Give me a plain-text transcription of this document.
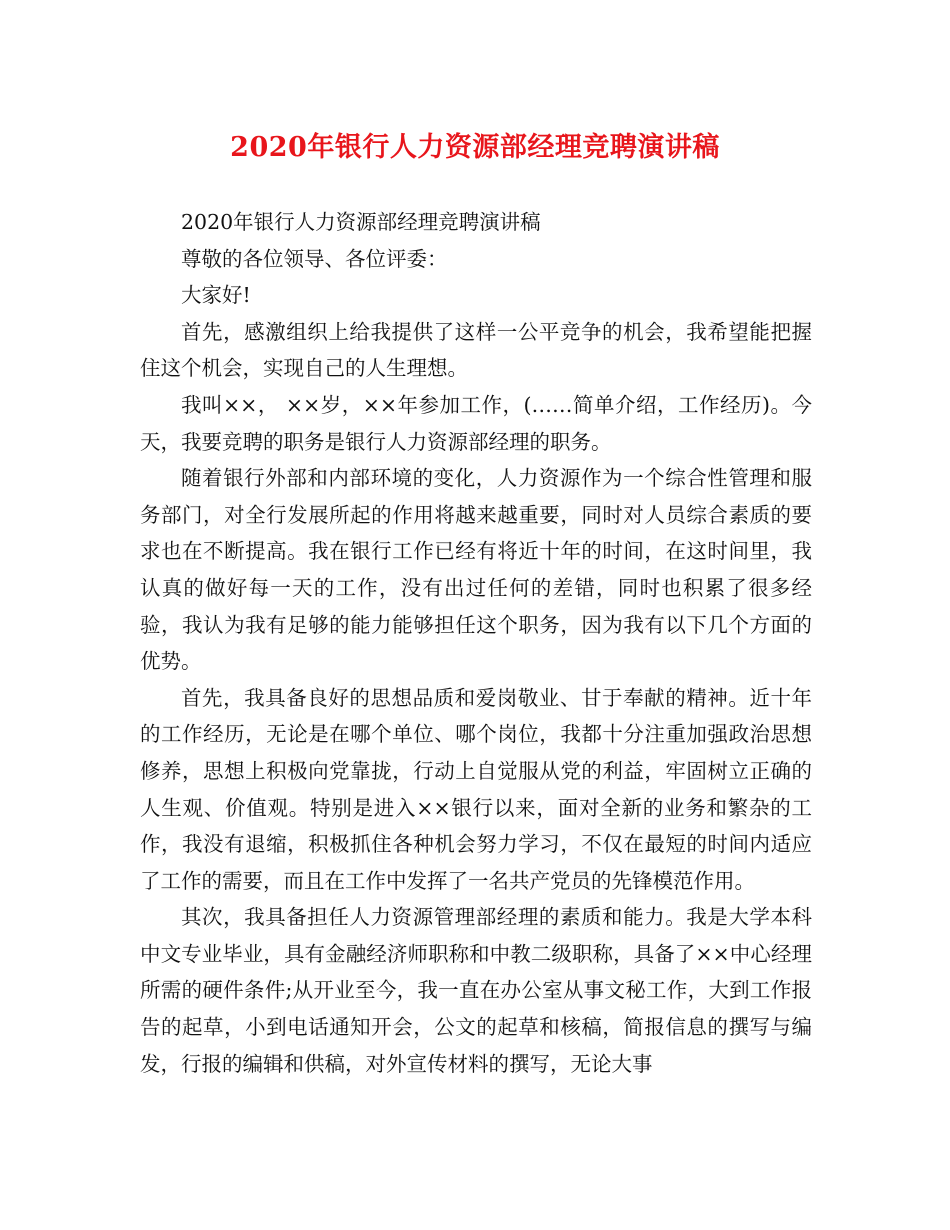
2020年银行人力资源部经理竞聘演讲稿

2020年银行人力资源部经理竞聘演讲稿

尊敬的各位领导、各位评委：

大家好!

首先，感激组织上给我提供了这样一公平竞争的机会，我希望能把握住这个机会，实现自己的人生理想。

我叫××， ××岁，××年参加工作，(……简单介绍，工作经历)。今天，我要竞聘的职务是银行人力资源部经理的职务。

随着银行外部和内部环境的变化，人力资源作为一个综合性管理和服务部门，对全行发展所起的作用将越来越重要，同时对人员综合素质的要求也在不断提高。我在银行工作已经有将近十年的时间，在这时间里，我认真的做好每一天的工作，没有出过任何的差错，同时也积累了很多经验，我认为我有足够的能力能够担任这个职务，因为我有以下几个方面的优势。

首先，我具备良好的思想品质和爱岗敬业、甘于奉献的精神。近十年的工作经历，无论是在哪个单位、哪个岗位，我都十分注重加强政治思想修养，思想上积极向党靠拢，行动上自觉服从党的利益，牢固树立正确的人生观、价值观。特别是进入××银行以来，面对全新的业务和繁杂的工作，我没有退缩，积极抓住各种机会努力学习，不仅在最短的时间内适应了工作的需要，而且在工作中发挥了一名共产党员的先锋模范作用。

其次，我具备担任人力资源管理部经理的素质和能力。我是大学本科中文专业毕业，具有金融经济师职称和中教二级职称，具备了××中心经理所需的硬件条件;从开业至今，我一直在办公室从事文秘工作，大到工作报告的起草，小到电话通知开会，公文的起草和核稿，简报信息的撰写与编发，行报的编辑和供稿，对外宣传材料的撰写，无论大事
